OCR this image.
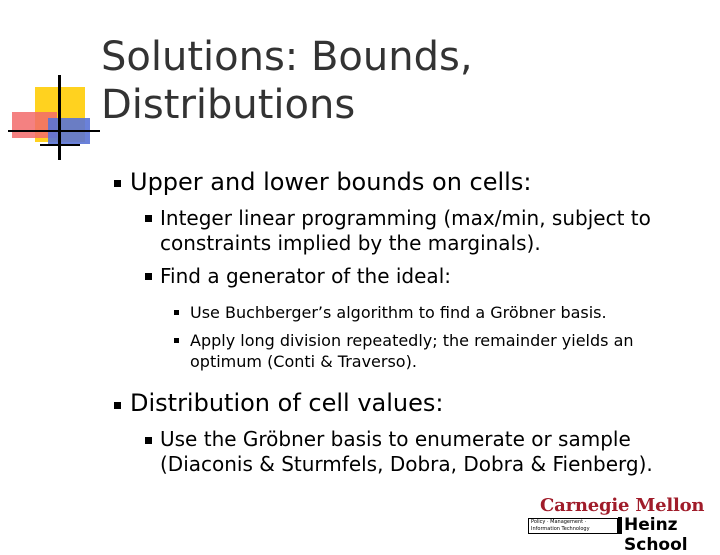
Solutions: Bounds,
Distributions
Upper and lower bounds on cells:
Integer linear programming (max/min, subject to
constraints implied by the marginals).
Find a generator of the ideal:
Use Buchberger’s algorithm to find a Gröbner basis.
Apply long division repeatedly; the remainder yields an
optimum (Conti & Traverso).
Distribution of cell values:
Use the Gröbner basis to enumerate or sample
(Diaconis & Sturmfels, Dobra, Dobra & Fienberg).
Carnegie Mellon
Policy · Management ·
Information Technology	Heinz School
